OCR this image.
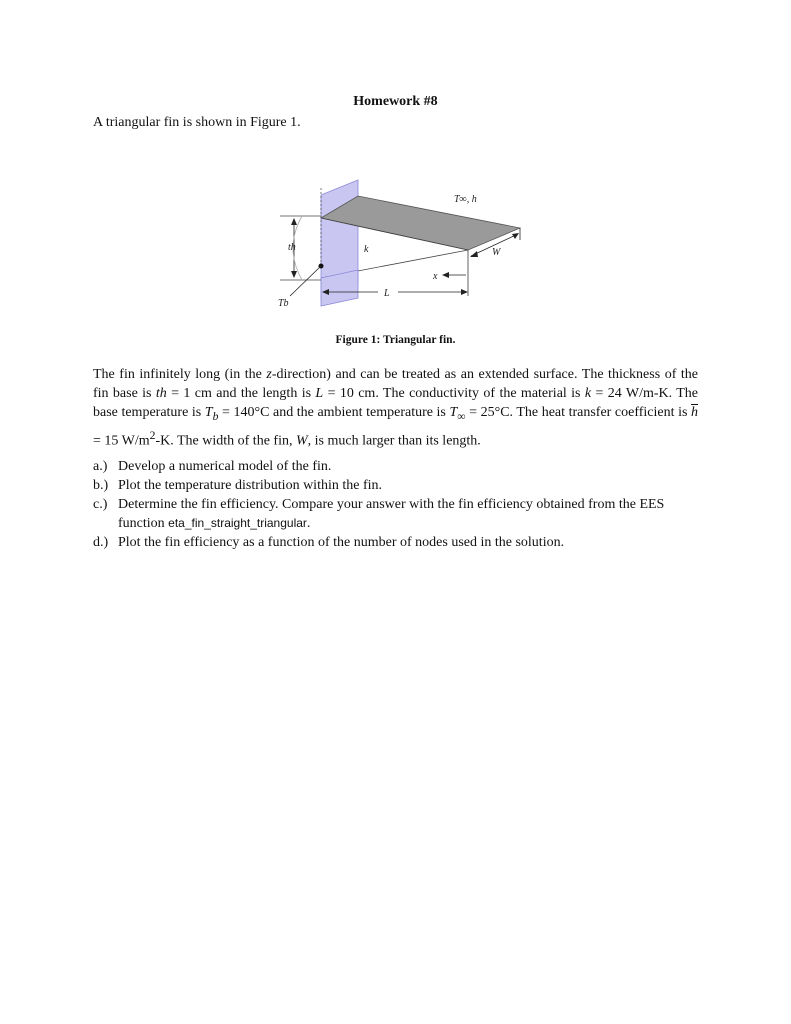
Homework #8
A triangular fin is shown in Figure 1.
T∞, h
th	k	W
x
L
Tb
Figure 1: Triangular fin.
The fin infinitely long (in the z-direction) and can be treated as an extended surface. The thickness of the fin base is th = 1 cm and the length is L = 10 cm. The conductivity of the material is k = 24 W/m-K. The base temperature is $T_b = 140^\circ C$ and the ambient temperature is $T_\infty = 25^\circ C$. The heat transfer coefficient is $\overline{h} = 15$ $W/m^2-K$. The width of the fin, W, is much larger than its length.
a.) Develop a numerical model of the fin.
b.) Plot the temperature distribution within the fin.
c.) Determine the fin efficiency. Compare your answer with the fin efficiency obtained from the EES function eta_fin_straight_triangular.
d.) Plot the fin efficiency as a function of the number of nodes used in the solution.
